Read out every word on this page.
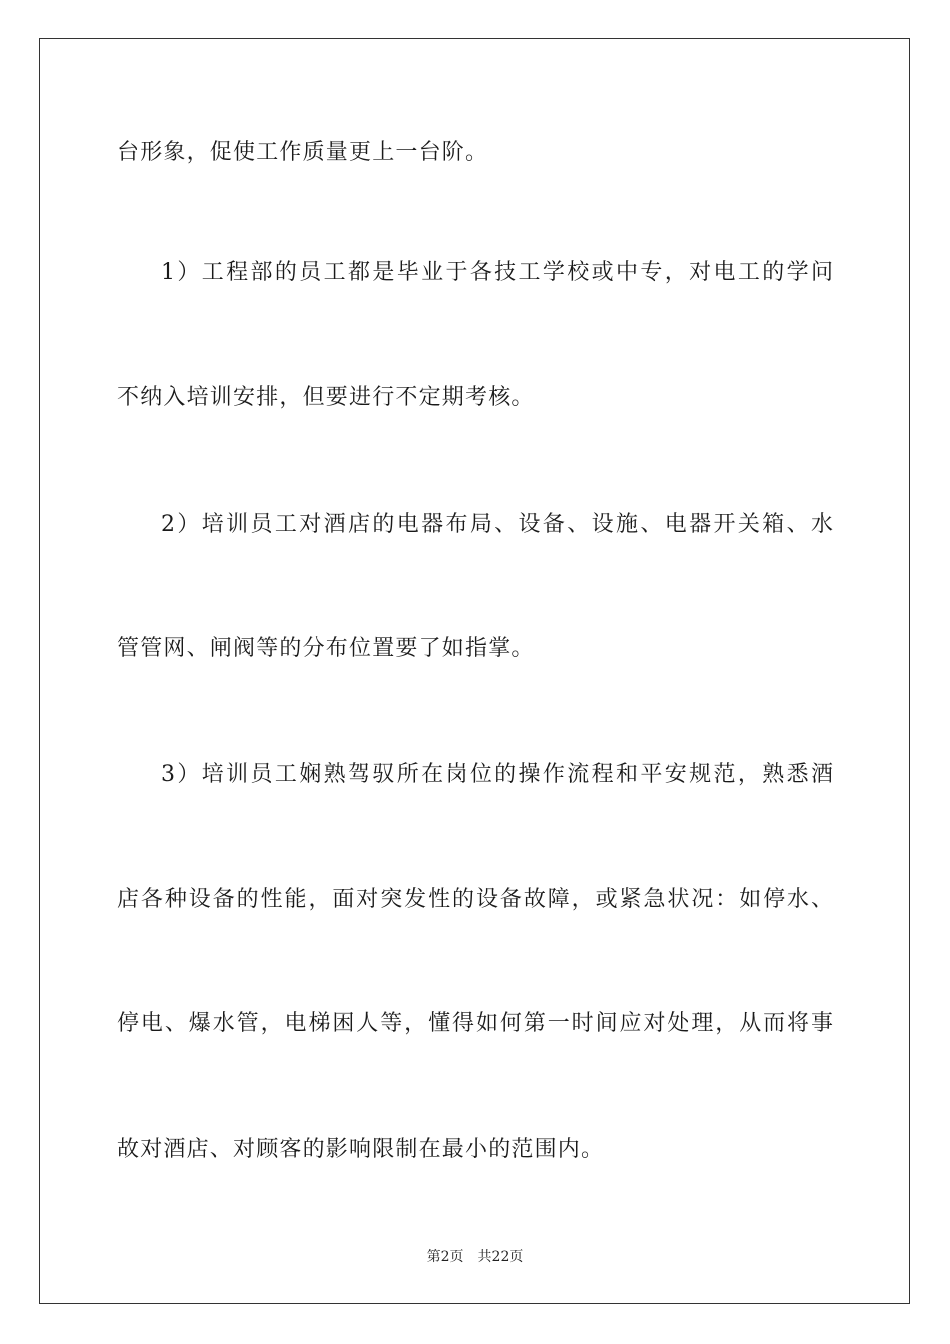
台形象，促使工作质量更上一台阶。
1）工程部的员工都是毕业于各技工学校或中专，对电工的学问
不纳入培训安排，但要进行不定期考核。
2）培训员工对酒店的电器布局、设备、设施、电器开关箱、水
管管网、闸阀等的分布位置要了如指掌。
3）培训员工娴熟驾驭所在岗位的操作流程和平安规范，熟悉酒
店各种设备的性能，面对突发性的设备故障，或紧急状况：如停水、
停电、爆水管，电梯困人等，懂得如何第一时间应对处理，从而将事
故对酒店、对顾客的影响限制在最小的范围内。
第2页 共22页
